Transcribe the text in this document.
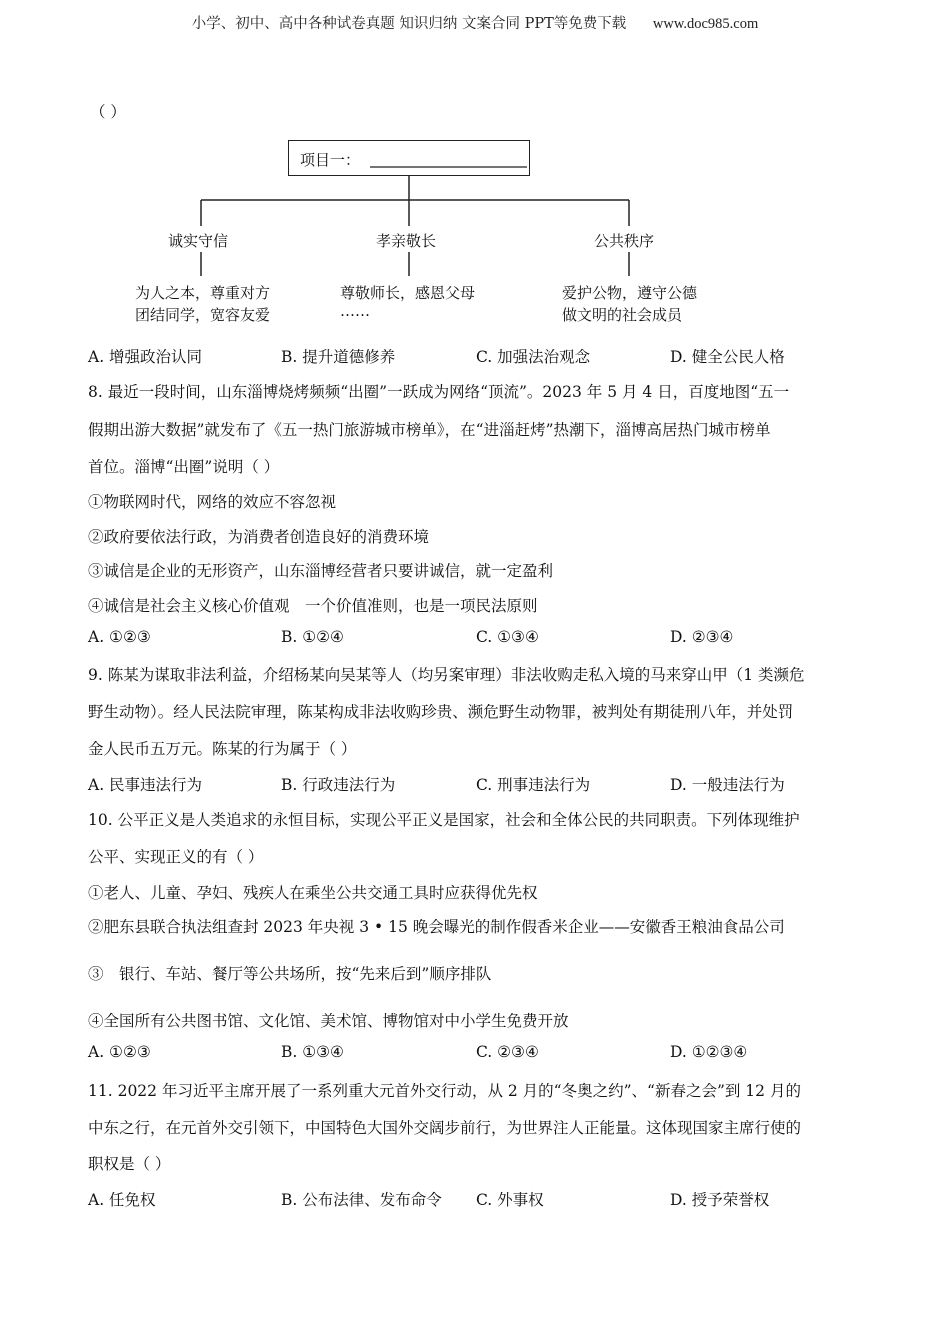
小学、初中、高中各种试卷真题 知识归纳 文案合同 PPT等免费下载 www.doc985.com
（ ）
项目一：
诚实守信	孝亲敬长	公共秩序
为人之本，尊重对方
团结同学，宽容友爱
尊敬师长，感恩父母
……
爱护公物，遵守公德
做文明的社会成员
A. 增强政治认同	B. 提升道德修养	C. 加强法治观念	D. 健全公民人格
8. 最近一段时间，山东淄博烧烤频频“出圈”一跃成为网络“顶流”。2023 年 5 月 4 日，百度地图“五一
假期出游大数据”就发布了《五一热门旅游城市榜单》，在“进淄赶烤”热潮下，淄博高居热门城市榜单
首位。淄博“出圈”说明（ ）
①物联网时代，网络的效应不容忽视
②政府要依法行政，为消费者创造良好的消费环境
③诚信是企业的无形资产，山东淄博经营者只要讲诚信，就一定盈利
④诚信是社会主义核心价值观　一个价值准则，也是一项民法原则
A. ①②③	B. ①②④	C. ①③④	D. ②③④
9. 陈某为谋取非法利益，介绍杨某向吴某等人（均另案审理）非法收购走私入境的马来穿山甲（1 类濒危
野生动物）。经人民法院审理，陈某构成非法收购珍贵、濒危野生动物罪，被判处有期徒刑八年，并处罚
金人民币五万元。陈某的行为属于（ ）
A. 民事违法行为	B. 行政违法行为	C. 刑事违法行为	D. 一般违法行为
10. 公平正义是人类追求的永恒目标，实现公平正义是国家，社会和全体公民的共同职责。下列体现维护
公平、实现正义的有（ ）
①老人、儿童、孕妇、残疾人在乘坐公共交通工具时应获得优先权
②肥东县联合执法组查封 2023 年央视 3 • 15 晚会曝光的制作假香米企业——安徽香王粮油食品公司
③　银行、车站、餐厅等公共场所，按“先来后到”顺序排队
④全国所有公共图书馆、文化馆、美术馆、博物馆对中小学生免费开放
A. ①②③	B. ①③④	C. ②③④	D. ①②③④
11. 2022 年习近平主席开展了一系列重大元首外交行动，从 2 月的“冬奥之约”、“新春之会”到 12 月的
中东之行，在元首外交引领下，中国特色大国外交阔步前行，为世界注人正能量。这体现国家主席行使的
职权是（ ）
A. 任免权	B. 公布法律、发布命令 C. 外事权	D. 授予荣誉权
